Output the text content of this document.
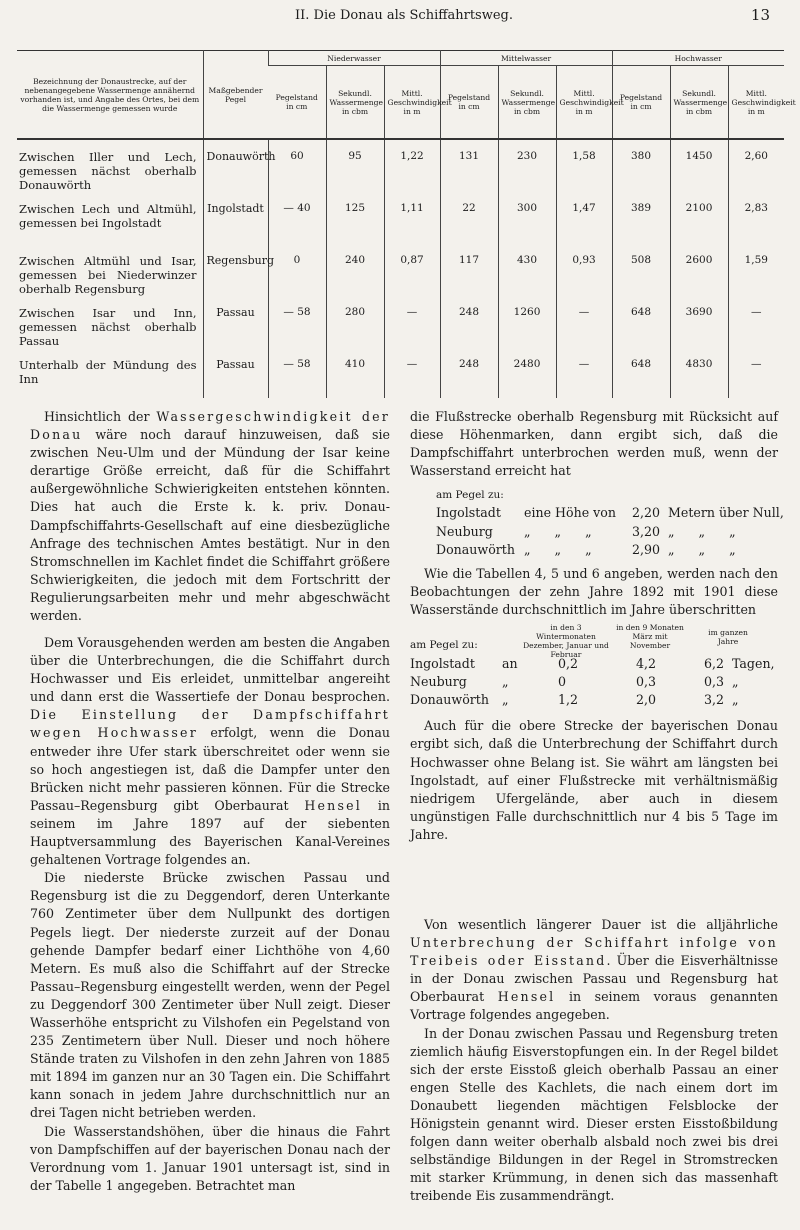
II. Die Donau als Schiffahrtsweg.	13
Bezeichnung der Donaustrecke, auf der nebenangegebene Wassermenge annähernd vorhanden ist, und Angabe des Ortes, bei dem die Wassermenge gemessen wurde	Maßgebender Pegel	Niederwasser			Mittelwasser			Hochwasser		
		Pegelstand in cm	Sekundl. Wassermenge in cbm	Mittl. Geschwindigkeit in m	Pegelstand in cm	Sekundl. Wassermenge in cbm	Mittl. Geschwindigkeit in m	Pegelstand in cm	Sekundl. Wassermenge in cbm	Mittl. Geschwindigkeit in m
Zwischen Iller und Lech, gemessen nächst oberhalb Donauwörth	Donauwörth	60	95	1,22	131	230	1,58	380	1450	2,60
Zwischen Lech und Altmühl, gemessen bei Ingolstadt	Ingolstadt	— 40	125	1,11	22	300	1,47	389	2100	2,83
Zwischen Altmühl und Isar, gemessen bei Niederwinzer oberhalb Regensburg	Regensburg	0	240	0,87	117	430	0,93	508	2600	1,59
Zwischen Isar und Inn, gemessen nächst oberhalb Passau	Passau	— 58	280	—	248	1260	—	648	3690	—
Unterhalb der Mündung des Inn	Passau	— 58	410	—	248	2480	—	648	4830	—

Hinsichtlich der Wassergeschwindigkeit der Donau wäre noch darauf hinzuweisen, daß sie zwischen Neu-Ulm und der Mündung der Isar keine derartige Größe erreicht, daß für die Schiffahrt außergewöhnliche Schwierigkeiten entstehen könnten. Dies hat auch die Erste k. k. priv. Donau-Dampfschiffahrts-Gesellschaft auf eine diesbezügliche Anfrage des technischen Amtes bestätigt. Nur in den Stromschnellen im Kachlet findet die Schiffahrt größere Schwierigkeiten, die jedoch mit dem Fortschritt der Regulierungsarbeiten mehr und mehr abgeschwächt werden.

Dem Vorausgehenden werden am besten die Angaben über die Unterbrechungen, die die Schiffahrt durch Hochwasser und Eis erleidet, unmittelbar angereiht und dann erst die Wassertiefe der Donau besprochen. Die Einstellung der Dampfschiffahrt wegen Hochwasser erfolgt, wenn die Donau entweder ihre Ufer stark überschreitet oder wenn sie so hoch angestiegen ist, daß die Dampfer unter den Brücken nicht mehr passieren können. Für die Strecke Passau–Regensburg gibt Oberbaurat Hensel in seinem im Jahre 1897 auf der siebenten Hauptversammlung des Bayerischen Kanal-Vereines gehaltenen Vortrage folgendes an.

Die niederste Brücke zwischen Passau und Regensburg ist die zu Deggendorf, deren Unterkante 760 Zentimeter über dem Nullpunkt des dortigen Pegels liegt. Der niederste zurzeit auf der Donau gehende Dampfer bedarf einer Lichthöhe von 4,60 Metern. Es muß also die Schiffahrt auf der Strecke Passau–Regensburg eingestellt werden, wenn der Pegel zu Deggendorf 300 Zentimeter über Null zeigt. Dieser Wasserhöhe entspricht zu Vilshofen ein Pegelstand von 235 Zentimetern über Null. Dieser und noch höhere Stände traten zu Vilshofen in den zehn Jahren von 1885 mit 1894 im ganzen nur an 30 Tagen ein. Die Schiffahrt kann sonach in jedem Jahre durchschnittlich nur an drei Tagen nicht betrieben werden.

Die Wasserstandshöhen, über die hinaus die Fahrt von Dampfschiffen auf der bayerischen Donau nach der Verordnung vom 1. Januar 1901 untersagt ist, sind in der Tabelle 1 angegeben. Betrachtet man

die Flußstrecke oberhalb Regensburg mit Rücksicht auf diese Höhenmarken, dann ergibt sich, daß die Dampfschiffahrt unterbrochen werden muß, wenn der Wasserstand erreicht hat

am Pegel zu:
Ingolstadt eine Höhe von 2,20 Metern über Null,
Neuburg „      „      „	3,20 „      „      „
Donauwörth „      „      „	2,90 „      „      „

Wie die Tabellen 4, 5 und 6 angeben, werden nach den Beobachtungen der zehn Jahre 1892 mit 1901 diese Wasserstände durchschnittlich im Jahre überschritten

am Pegel zu:
in den 3 Wintermonaten Dezember, Januar und Februar
in den 9 Monaten März mit November
im ganzen Jahre
Ingolstadt an	0,2	4,2	6,2 Tagen,
Neuburg	„	0	0,3	0,3 „
Donauwörth „	1,2	2,0	3,2 „

Auch für die obere Strecke der bayerischen Donau ergibt sich, daß die Unterbrechung der Schiffahrt durch Hochwasser ohne Belang ist. Sie währt am längsten bei Ingolstadt, auf einer Flußstrecke mit verhältnismäßig niedrigem Ufergelände, aber auch in diesem ungünstigen Falle durchschnittlich nur 4 bis 5 Tage im Jahre.

Von wesentlich längerer Dauer ist die alljährliche Unterbrechung der Schiffahrt infolge von Treibeis oder Eisstand. Über die Eisverhältnisse in der Donau zwischen Passau und Regensburg hat Oberbaurat Hensel in seinem voraus genannten Vortrage folgendes angegeben.

In der Donau zwischen Passau und Regensburg treten ziemlich häufig Eisverstopfungen ein. In der Regel bildet sich der erste Eisstoß gleich oberhalb Passau an einer engen Stelle des Kachlets, die nach einem dort im Donaubett liegenden mächtigen Felsblocke der Hönigstein genannt wird. Dieser ersten Eisstoßbildung folgen dann weiter oberhalb alsbald noch zwei bis drei selbständige Bildungen in der Regel in Stromstrecken mit starker Krümmung, in denen sich das massenhaft treibende Eis zusammendrängt.
